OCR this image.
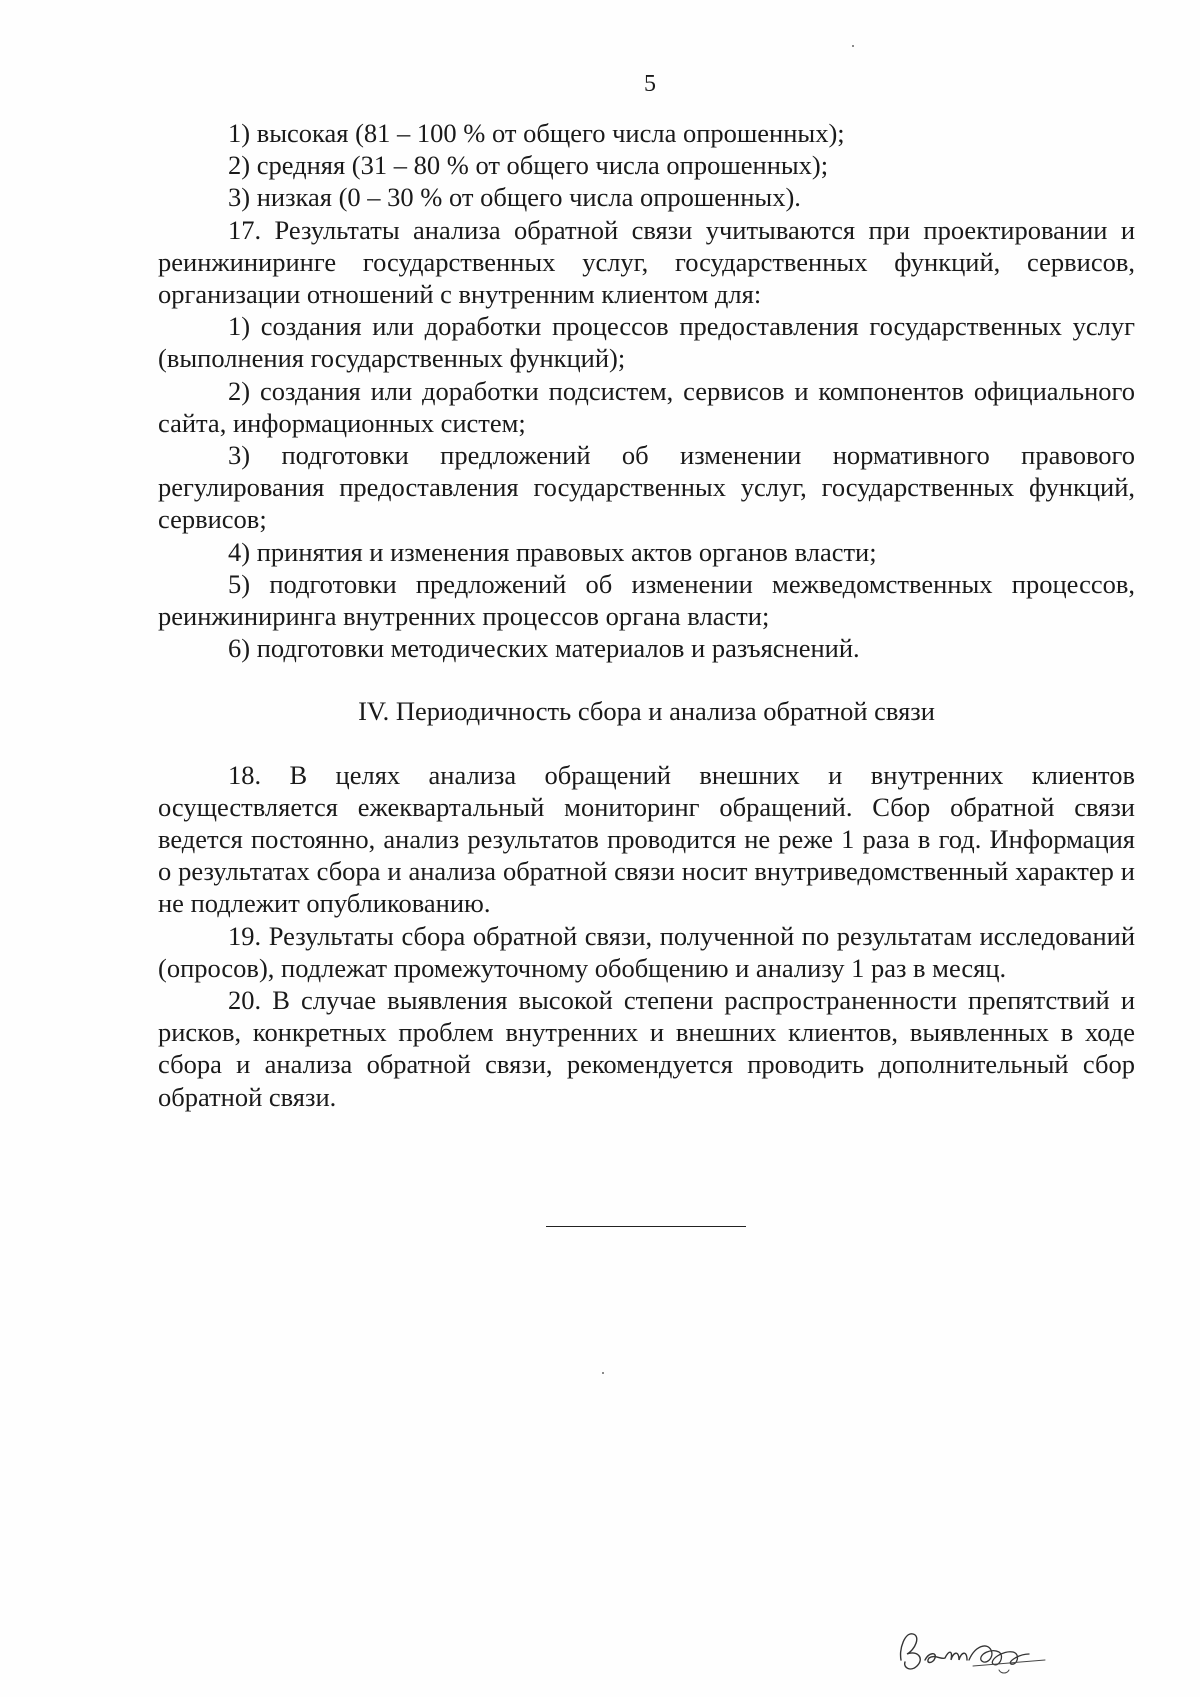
5

1) высокая (81 – 100 % от общего числа опрошенных);

2) средняя (31 – 80 % от общего числа опрошенных);

3) низкая (0 – 30 % от общего числа опрошенных).

17. Результаты анализа обратной связи учитываются при проектировании и реинжиниринге государственных услуг, государственных функций, сервисов, организации отношений с внутренним клиентом для:

1) создания или доработки процессов предоставления государственных услуг (выполнения государственных функций);

2) создания или доработки подсистем, сервисов и компонентов официального сайта, информационных систем;

3) подготовки предложений об изменении нормативного правового регулирования предоставления государственных услуг, государственных функций, сервисов;

4) принятия и изменения правовых актов органов власти;

5) подготовки предложений об изменении межведомственных процессов, реинжиниринга внутренних процессов органа власти;

6) подготовки методических материалов и разъяснений.

IV. Периодичность сбора и анализа обратной связи

18. В целях анализа обращений внешних и внутренних клиентов осуществляется ежеквартальный мониторинг обращений. Сбор обратной связи ведется постоянно, анализ результатов проводится не реже 1 раза в год. Информация о результатах сбора и анализа обратной связи носит внутриведомственный характер и не подлежит опубликованию.

19. Результаты сбора обратной связи, полученной по результатам исследований (опросов), подлежат промежуточному обобщению и анализу 1 раз в месяц.

20. В случае выявления высокой степени распространенности препятствий и рисков, конкретных проблем внутренних и внешних клиентов, выявленных в ходе сбора и анализа обратной связи, рекомендуется проводить дополнительный сбор обратной связи.
